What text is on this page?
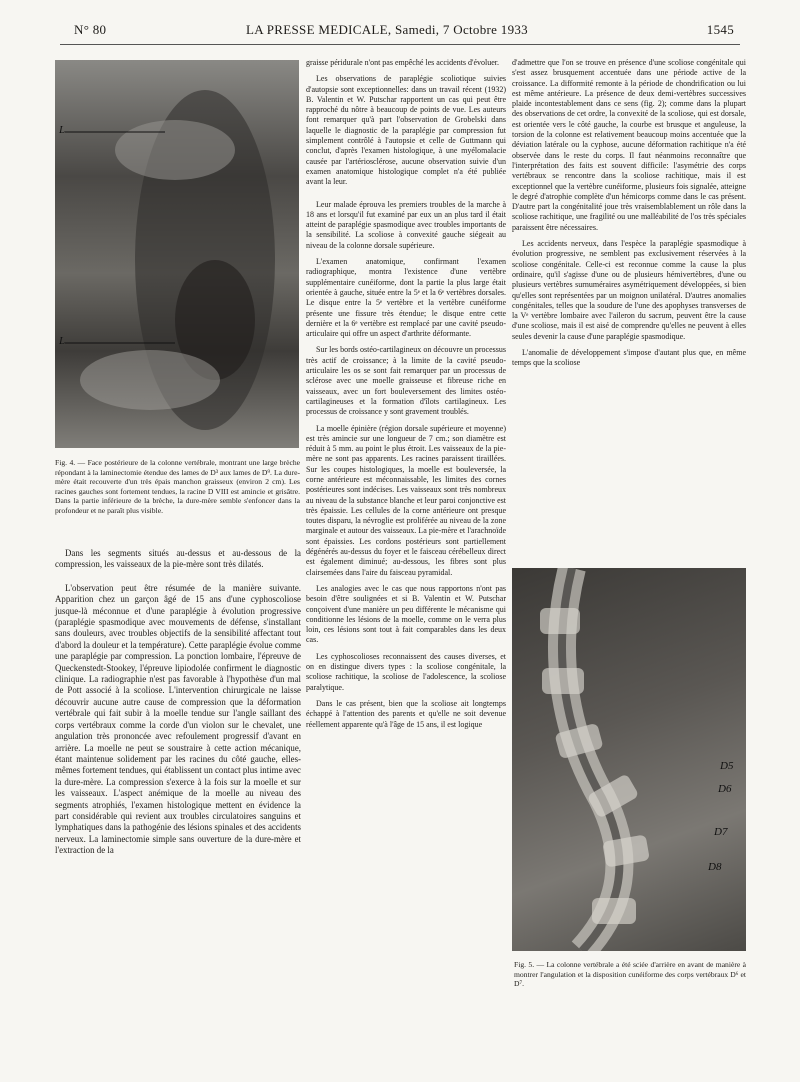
N° 80	LA PRESSE MEDICALE, Samedi, 7 Octobre 1933	1545
L
L
Fig. 4. — Face postérieure de la colonne vertébrale, montrant une large brèche répondant à la laminectomie étendue des lames de D³ aux lames de D⁹. La dure-mère était recouverte d'un très épais manchon graisseux (environ 2 cm). Les racines gauches sont fortement tendues, la racine D VIII est amincie et grisâtre. Dans la partie inférieure de la brèche, la dure-mère semble s'enfoncer dans la profondeur et ne paraît plus visible.

Dans les segments situés au-dessus et au-dessous de la compression, les vaisseaux de la pie-mère sont très dilatés.

L'observation peut être résumée de la manière suivante. Apparition chez un garçon âgé de 15 ans d'une cyphoscoliose jusque-là méconnue et d'une paraplégie à évolution progressive (paraplégie spasmodique avec mouvements de défense, s'installant sans douleurs, avec troubles objectifs de la sensibilité affectant tout d'abord la douleur et la température). Cette paraplégie évolue comme une paraplégie par compression. La ponction lombaire, l'épreuve de Queckenstedt-Stookey, l'épreuve lipiodolée confirment le diagnostic clinique. La radiographie n'est pas favorable à l'hypothèse d'un mal de Pott associé à la scoliose. L'intervention chirurgicale ne laisse découvrir aucune autre cause de compression que la déformation vertébrale qui fait subir à la moelle tendue sur l'angle saillant des corps vertébraux comme la corde d'un violon sur le chevalet, une angulation très prononcée avec refoulement progressif d'avant en arrière. La moelle ne peut se soustraire à cette action mécanique, étant maintenue solidement par les racines du côté gauche, elles-mêmes fortement tendues, qui établissent un contact plus intime avec la dure-mère. La compression s'exerce à la fois sur la moelle et sur les vaisseaux. L'aspect anémique de la moelle au niveau des segments atrophiés, l'examen histologique mettent en évidence la part considérable qui revient aux troubles circulatoires sanguins et lymphatiques dans la pathogénie des lésions spinales et des accidents nerveux. La laminectomie simple sans ouverture de la dure-mère et l'extraction de la

graisse péridurale n'ont pas empêché les accidents d'évoluer.

Les observations de paraplégie scoliotique suivies d'autopsie sont exceptionnelles: dans un travail récent (1932) B. Valentin et W. Putschar rapportent un cas qui peut être rapproché du nôtre à beaucoup de points de vue. Les auteurs font remarquer qu'à part l'observation de Grobelski dans laquelle le diagnostic de la paraplégie par compression fut simplement contrôlé à l'autopsie et celle de Guttmann qui conclut, d'après l'examen histologique, à une myélomalacie causée par l'artériosclérose, aucune observation suivie d'un examen anatomique histologique complet n'a été publiée avant la leur.

Leur malade éprouva les premiers troubles de la marche à 18 ans et lorsqu'il fut examiné par eux un an plus tard il était atteint de paraplégie spasmodique avec troubles importants de la sensibilité. La scoliose à convexité gauche siégeait au niveau de la colonne dorsale supérieure.

L'examen anatomique, confirmant l'examen radiographique, montra l'existence d'une vertèbre supplémentaire cunéiforme, dont la partie la plus large était orientée à gauche, située entre la 5ᵉ et la 6ᵉ vertèbres dorsales. Le disque entre la 5ᵉ vertèbre et la vertèbre cunéiforme présente une fissure très étendue; le disque entre cette dernière et la 6ᵉ vertèbre est remplacé par une cavité pseudo-articulaire qui offre un aspect d'arthrite déformante.

Sur les bords ostéo-cartilagineux on découvre un processus très actif de croissance; à la limite de la cavité pseudo-articulaire les os se sont fait remarquer par un processus de sclérose avec une moelle graisseuse et fibreuse riche en vaisseaux, avec un fort bouleversement des limites ostéo-cartilagineuses et la formation d'îlots cartilagineux. Les processus de croissance y sont gravement troublés.

La moelle épinière (région dorsale supérieure et moyenne) est très amincie sur une longueur de 7 cm.; son diamètre est réduit à 5 mm. au point le plus étroit. Les vaisseaux de la pie-mère ne sont pas apparents. Les racines paraissent tiraillées. Sur les coupes histologiques, la moelle est bouleversée, la corne antérieure est méconnaissable, les limites des cornes postérieures sont indécises. Les vaisseaux sont très nombreux au niveau de la substance blanche et leur paroi conjonctive est très épaissie. Les cellules de la corne antérieure ont presque toutes disparu, la névroglie est proliférée au niveau de la zone marginale et autour des vaisseaux. La pie-mère et l'arachnoïde sont épaissies. Les cordons postérieurs sont partiellement dégénérés au-dessus du foyer et le faisceau cérébelleux direct est également diminué; au-dessous, les fibres sont plus clairsemées dans l'aire du faisceau pyramidal.

Les analogies avec le cas que nous rapportons n'ont pas besoin d'être soulignées et si B. Valentin et W. Putschar conçoivent d'une manière un peu différente le mécanisme qui conditionne les lésions de la moelle, comme on le verra plus loin, ces lésions sont tout à fait comparables dans les deux cas.

Les cyphoscolioses reconnaissent des causes diverses, et on en distingue divers types : la scoliose congénitale, la scoliose rachitique, la scoliose de l'adolescence, la scoliose paralytique.

Dans le cas présent, bien que la scoliose ait longtemps échappé à l'attention des parents et qu'elle ne soit devenue réellement apparente qu'à l'âge de 15 ans, il est logique

d'admettre que l'on se trouve en présence d'une scoliose congénitale qui s'est assez brusquement accentuée dans une période active de la croissance. La difformité remonte à la période de chondrification ou lui est même antérieure. La présence de deux demi-vertèbres successives plaide incontestablement dans ce sens (fig. 2); comme dans la plupart des observations de cet ordre, la convexité de la scoliose, qui est dorsale, est orientée vers le côté gauche, la courbe est brusque et anguleuse, la torsion de la colonne est relativement beaucoup moins accentuée que la déviation latérale ou la cyphose, aucune déformation rachitique n'a été observée dans le reste du corps. Il faut néanmoins reconnaître que l'interprétation des faits est souvent difficile: l'asymétrie des corps vertébraux se rencontre dans la scoliose rachitique, mais il est exceptionnel que la vertèbre cunéiforme, plusieurs fois signalée, atteigne le degré d'atrophie complète d'un hémicorps comme dans le cas présent. D'autre part la congénitalité joue très vraisemblablement un rôle dans la scoliose rachitique, une fragilité ou une malléabilité de l'os très spéciales paraissent être nécessaires.

Les accidents nerveux, dans l'espèce la paraplégie spasmodique à évolution progressive, ne semblent pas exclusivement réservées à la scoliose congénitale. Celle-ci est reconnue comme la cause la plus ordinaire, qu'il s'agisse d'une ou de plusieurs hémivertèbres, d'une ou plusieurs vertèbres surnuméraires asymétriquement développées, si bien qu'elles sont représentées par un moignon unilatéral. D'autres anomalies congénitales, telles que la soudure de l'une des apophyses transverses de la Vᵉ vertèbre lombaire avec l'aileron du sacrum, peuvent être la cause d'une scoliose, mais il est aisé de comprendre qu'elles ne peuvent à elles seules devenir la cause d'une paraplégie spasmodique.

L'anomalie de développement s'impose d'autant plus que, en même temps que la scoliose

D5
D6
D7
D8
Fig. 5. — La colonne vertébrale a été sciée d'arrière en avant de manière à montrer l'angulation et la disposition cunéiforme des corps vertébraux D⁶ et D⁷.
